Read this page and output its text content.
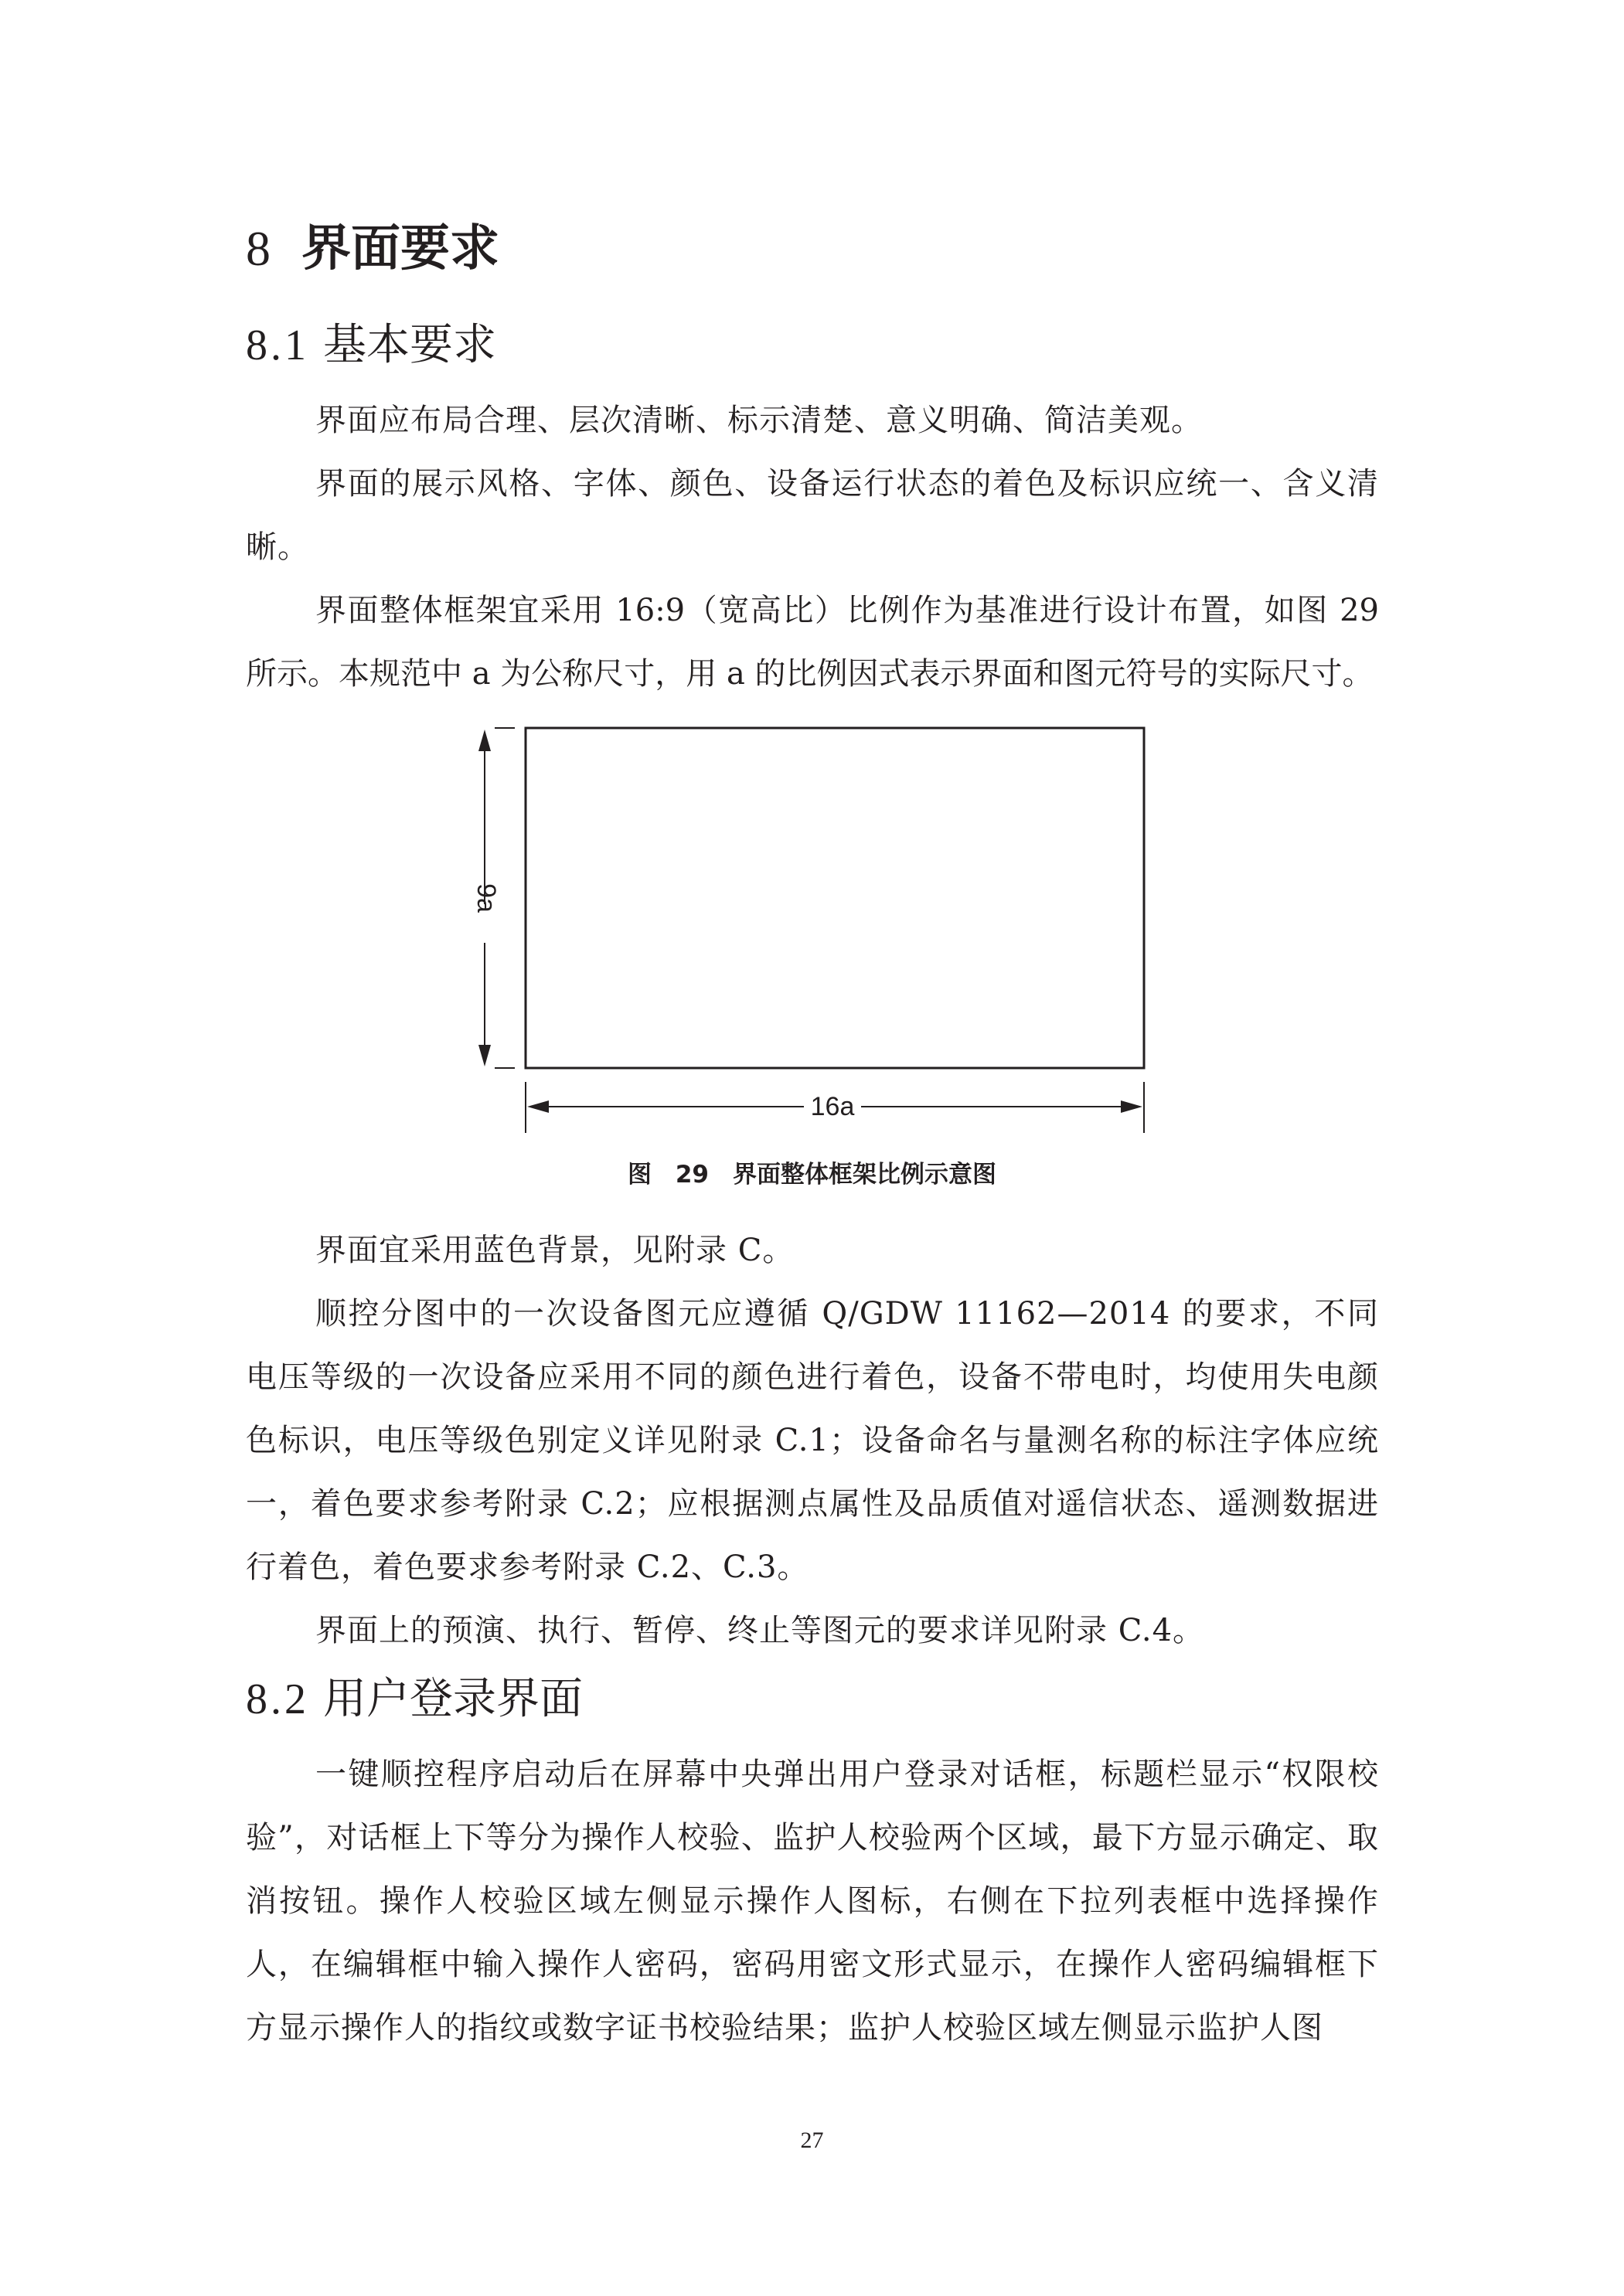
8 界面要求
8.1 基本要求

界面应布局合理、层次清晰、标示清楚、意义明确、简洁美观。

界面的展示风格、字体、颜色、设备运行状态的着色及标识应统一、含义清晰。

界面整体框架宜采用 16:9（宽高比）比例作为基准进行设计布置，如图 29 所示。本规范中 a 为公称尺寸，用 a 的比例因式表示界面和图元符号的实际尺寸。

9a
16a
图 29　界面整体框架比例示意图

界面宜采用蓝色背景，见附录 C。

顺控分图中的一次设备图元应遵循 Q/GDW 11162—2014 的要求，不同电压等级的一次设备应采用不同的颜色进行着色，设备不带电时，均使用失电颜色标识，电压等级色别定义详见附录 C.1；设备命名与量测名称的标注字体应统一，着色要求参考附录 C.2；应根据测点属性及品质值对遥信状态、遥测数据进行着色，着色要求参考附录 C.2、C.3。

界面上的预演、执行、暂停、终止等图元的要求详见附录 C.4。

8.2 用户登录界面

一键顺控程序启动后在屏幕中央弹出用户登录对话框，标题栏显示“权限校验”，对话框上下等分为操作人校验、监护人校验两个区域，最下方显示确定、取消按钮。操作人校验区域左侧显示操作人图标，右侧在下拉列表框中选择操作人，在编辑框中输入操作人密码，密码用密文形式显示，在操作人密码编辑框下方显示操作人的指纹或数字证书校验结果；监护人校验区域左侧显示监护人图

27
